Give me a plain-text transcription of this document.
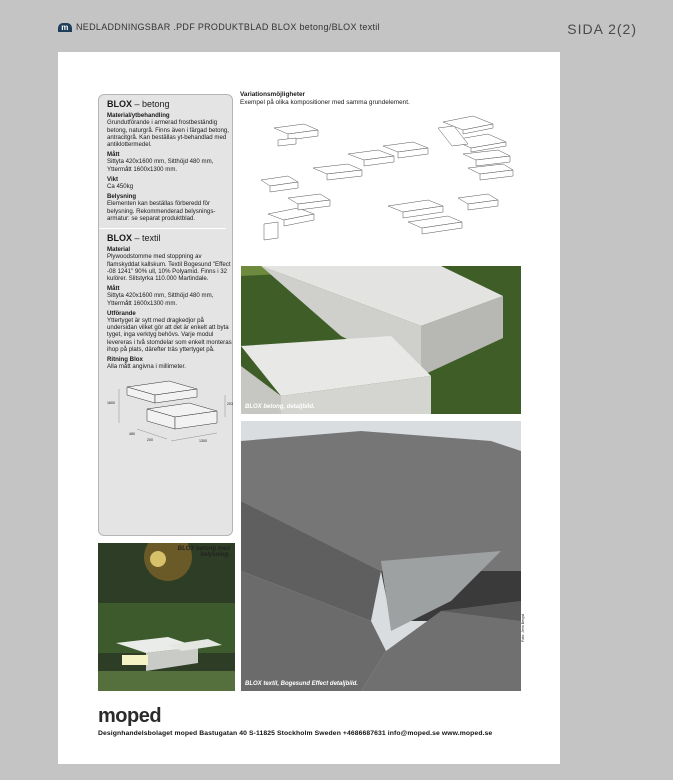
m NEDLADDNINGSBAR .PDF PRODUKTBLAD BLOX betong/BLOX textil	SIDA 2(2)
BLOX – betong
Material/ytbehandling

Grundutförande i armerad frostbeständig betong, naturgrå. Finns även i färgad betong, antracitgrå. Kan beställas yt-behandlad med antiklottermedel.

Mått

Sittyta 420x1600 mm, Sitthöjd 480 mm, Yttermått 1600x1300 mm.

Vikt

Ca 450kg

Belysning

Elementen kan beställas förberedd för belysning. Rekommenderad belysnings-armatur: se separat produktblad.

BLOX – textil
Material

Plywoodstomme med stoppning av flamskyddat kallskum. Textil Bogesund "Effect -08 1241" 90% ull, 10% Polyamid. Finns i 32 kulörer. Slitstyrka 110.000 Martindale.

Mått

Sittyta 420x1600 mm, Sitthöjd 480 mm, Yttermått 1600x1300 mm.

Utförande

Yttertyget är sytt med dragkedjor på undersidan vilket gör att det är enkelt att byta tyget, inga verktyg behövs. Varje modul levereras i två stomdelar som enkelt monteras ihop på plats, därefter träs yttertyget på.

Ritning Blox

Alla mått angivna i millimeter.

1600
480
200	1300
203
Variationsmöjligheter
Exempel på olika kompositioner med samma grundelement.
BLOX betong, detaljbild.
BLOX textil, Bogesund Effect detaljbild.
Foto: Jens Bergst
BLOX betong med belysning.
moped
Designhandelsbolaget moped Bastugatan 40 S-11825 Stockholm Sweden +4686687631 info@moped.se www.moped.se
